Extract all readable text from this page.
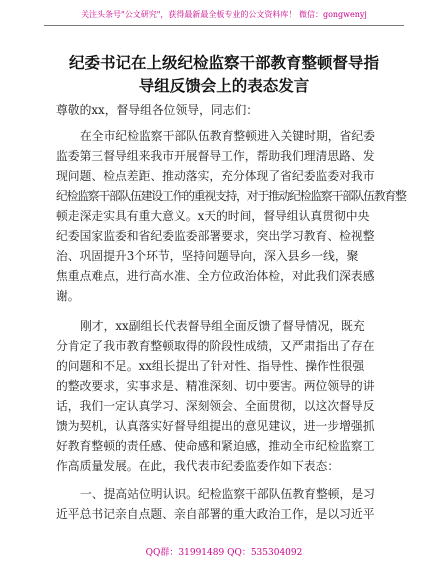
关注头条号"公文研究"，获得最新最全板专业的公文资料库！ 微信：gongwenyj
纪委书记在上级纪检监察干部教育整顿督导指
导组反馈会上的表态发言
尊敬的xx，督导组各位领导，同志们：
在全市纪检监察干部队伍教育整顿进入关键时期，省纪委
监委第三督导组来我市开展督导工作，帮助我们理清思路、发
现问题、检点差距、推动落实，充分体现了省纪委监委对我市
纪检监察干部队伍建设工作的重视支持，对于推动纪检监察干部队伍教育整
顿走深走实具有重大意义。x天的时间，督导组认真贯彻中央
纪委国家监委和省纪委监委部署要求，突出学习教育、检视整
治、巩固提升3个环节，坚持问题导向，深入县乡一线，聚
焦重点难点，进行高水准、全方位政治体检，对此我们深表感
谢。
刚才，xx副组长代表督导组全面反馈了督导情况，既充
分肯定了我市教育整顿取得的阶段性成绩，又严肃指出了存在
的问题和不足。xx组长提出了针对性、指导性、操作性很强
的整改要求，实事求是、精准深刻、切中要害。两位领导的讲
话，我们一定认真学习、深刻领会、全面贯彻，以这次督导反
馈为契机，认真落实好督导组提出的意见建议，进一步增强抓
好教育整顿的责任感、使命感和紧迫感，推动全市纪检监察工
作高质量发展。在此，我代表市纪委监委作如下表态：
一、提高站位明认识。纪检监察干部队伍教育整顿，是习
近平总书记亲自点题、亲自部署的重大政治工作，是以习近平
QQ群：31991489 QQ：535304092
